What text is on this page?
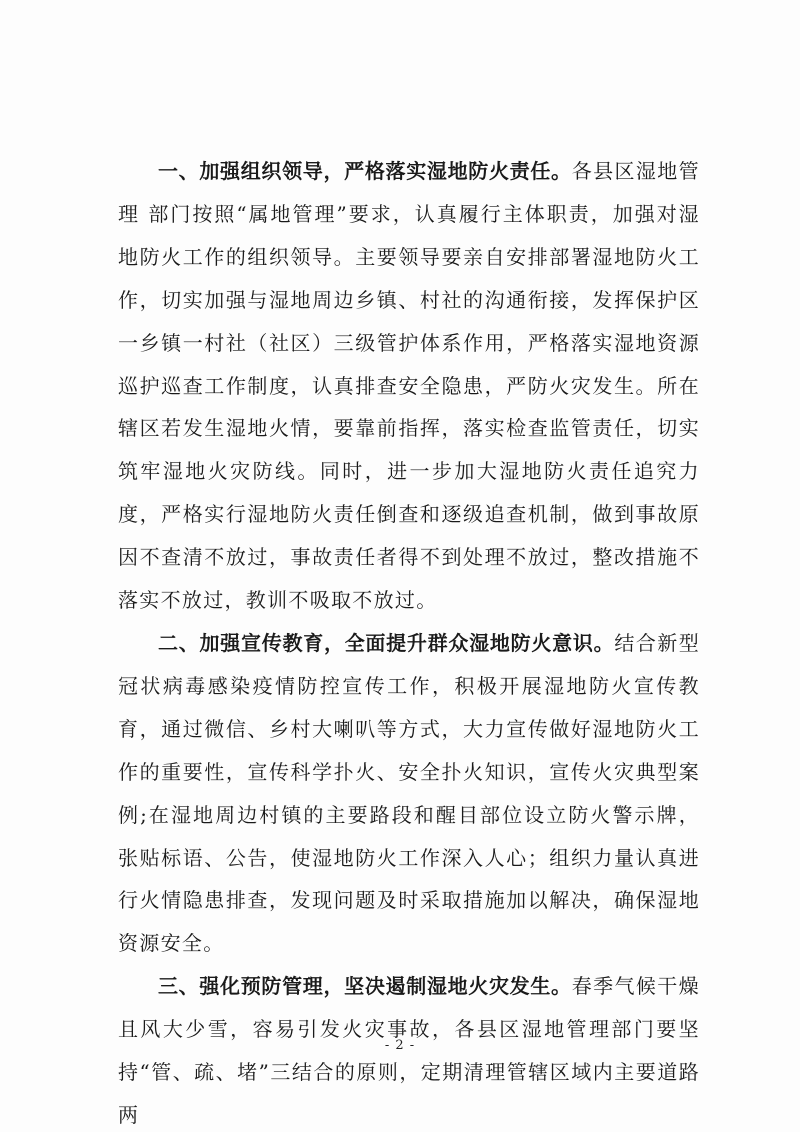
一、加强组织领导，严格落实湿地防火责任。各县区湿地管理 部门按照“属地管理”要求，认真履行主体职责，加强对湿地防火工作的组织领导。主要领导要亲自安排部署湿地防火工作，切实加强与湿地周边乡镇、村社的沟通衔接，发挥保护区一乡镇一村社（社区）三级管护体系作用，严格落实湿地资源巡护巡查工作制度，认真排查安全隐患，严防火灾发生。所在辖区若发生湿地火情，要靠前指挥，落实检查监管责任，切实筑牢湿地火灾防线。同时，进一步加大湿地防火责任追究力度，严格实行湿地防火责任倒查和逐级追查机制，做到事故原因不查清不放过，事故责任者得不到处理不放过，整改措施不落实不放过，教训不吸取不放过。

二、加强宣传教育，全面提升群众湿地防火意识。结合新型冠状病毒感染疫情防控宣传工作，积极开展湿地防火宣传教育，通过微信、乡村大喇叭等方式，大力宣传做好湿地防火工作的重要性，宣传科学扑火、安全扑火知识，宣传火灾典型案例;在湿地周边村镇的主要路段和醒目部位设立防火警示牌，张贴标语、公告，使湿地防火工作深入人心；组织力量认真进行火情隐患排查，发现问题及时采取措施加以解决，确保湿地资源安全。

三、强化预防管理，坚决遏制湿地火灾发生。春季气候干燥且风大少雪，容易引发火灾事故，各县区湿地管理部门要坚持“管、疏、堵”三结合的原则，定期清理管辖区域内主要道路两

- 2 -
